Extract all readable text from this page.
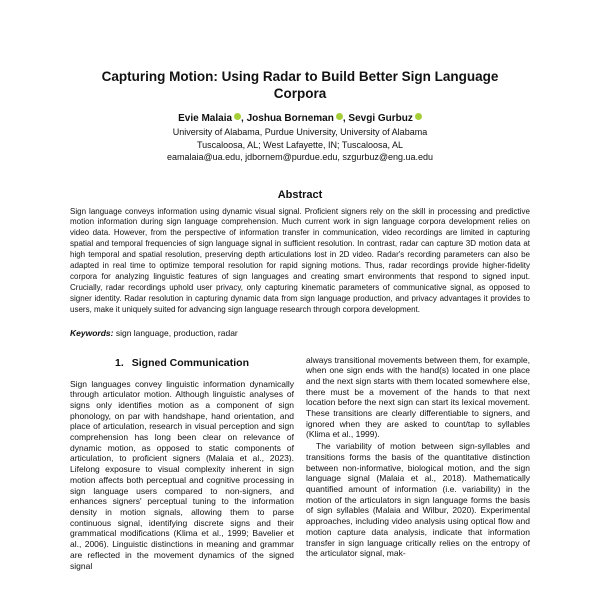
Capturing Motion: Using Radar to Build Better Sign Language Corpora
Evie Malaia , Joshua Borneman , Sevgi Gurbuz
University of Alabama, Purdue University, University of Alabama
Tuscaloosa, AL; West Lafayette, IN; Tuscaloosa, AL
eamalaia@ua.edu, jdbornem@purdue.edu, szgurbuz@eng.ua.edu
Abstract
Sign language conveys information using dynamic visual signal. Proficient signers rely on the skill in processing and predictive motion information during sign language comprehension. Much current work in sign language corpora development relies on video data. However, from the perspective of information transfer in communication, video recordings are limited in capturing spatial and temporal frequencies of sign language signal in sufficient resolution. In contrast, radar can capture 3D motion data at high temporal and spatial resolution, preserving depth articulations lost in 2D video. Radar's recording parameters can also be adapted in real time to optimize temporal resolution for rapid signing motions. Thus, radar recordings provide higher-fidelity corpora for analyzing linguistic features of sign languages and creating smart environments that respond to signed input. Crucially, radar recordings uphold user privacy, only capturing kinematic parameters of communicative signal, as opposed to signer identity. Radar resolution in capturing dynamic data from sign language production, and privacy advantages it provides to users, make it uniquely suited for advancing sign language research through corpora development.
Keywords: sign language, production, radar
1. Signed Communication

Sign languages convey linguistic information dynamically through articulator motion. Although linguistic analyses of signs only identifies motion as a component of sign phonology, on par with handshape, hand orientation, and place of articulation, research in visual perception and sign comprehension has long been clear on relevance of dynamic motion, as opposed to static components of articulation, to proficient signers (Malaia et al., 2023). Lifelong exposure to visual complexity inherent in sign motion affects both perceptual and cognitive processing in sign language users compared to non-signers, and enhances signers' perceptual tuning to the information density in motion signals, allowing them to parse continuous signal, identifying discrete signs and their grammatical modifications (Klima et al., 1999; Bavelier et al., 2006). Linguistic distinctions in meaning and grammar are reflected in the movement dynamics of the signed signal

always transitional movements between them, for example, when one sign ends with the hand(s) located in one place and the next sign starts with them located somewhere else, there must be a movement of the hands to that next location before the next sign can start its lexical movement. These transitions are clearly differentiable to signers, and ignored when they are asked to count/tap to syllables (Klima et al., 1999).

The variability of motion between sign-syllables and transitions forms the basis of the quantitative distinction between non-informative, biological motion, and the sign language signal (Malaia et al., 2018). Mathematically quantified amount of information (i.e. variability) in the motion of the articulators in sign language forms the basis of sign syllables (Malaia and Wilbur, 2020). Experimental approaches, including video analysis using optical flow and motion capture data analysis, indicate that information transfer in sign language critically relies on the entropy of the articulator signal, mak-
